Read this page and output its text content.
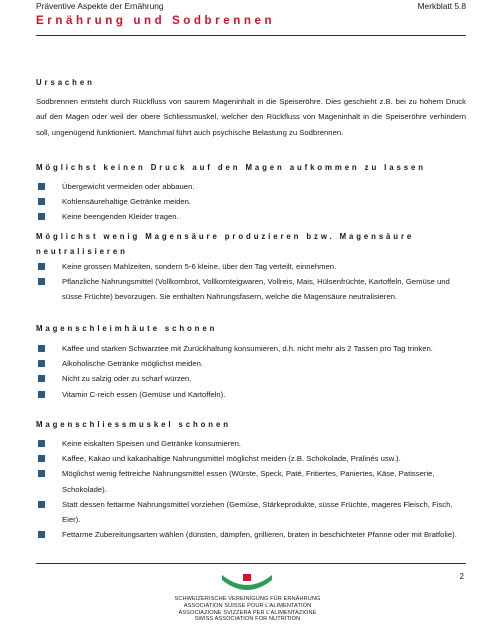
Präventive Aspekte der Ernährung	Merkblatt 5.8
Ernährung und Sodbrennen
Ursachen
Sodbrennen entsteht durch Rückfluss von saurem Mageninhalt in die Speiseröhre. Dies geschieht z.B. bei zu hohem Druck auf den Magen oder weil der obere Schliessmuskel, welcher den Rückfluss von Mageninhalt in die Speiseröhre verhindern soll, ungenügend funktioniert. Manchmal führt auch psychische Belastung zu Sodbrennen.
Möglichst keinen Druck auf den Magen aufkommen zu lassen
Übergewicht vermeiden oder abbauen.
Kohlensäurehaltige Getränke meiden.
Keine beengenden Kleider tragen.
Möglichst wenig Magensäure produzieren bzw. Magensäure neutralisieren
Keine grossen Mahlzeiten, sondern 5-6 kleine, über den Tag verteilt, einnehmen.
Pflanzliche Nahrungsmittel (Vollkornbrot, Vollkornteigwaren, Vollreis, Mais, Hülsenfrüchte, Kartoffeln, Gemüse und süsse Früchte) bevorzugen. Sie enthalten Nahrungsfasern, welche die Magensäure neutralisieren.
Magenschleimhäute schonen
Kaffee und starken Schwarztee mit Zurückhaltung konsumieren, d.h. nicht mehr als 2 Tassen pro Tag trinken.
Alkoholische Getränke möglichst meiden.
Nicht zu salzig oder zu scharf würzen.
Vitamin C-reich essen (Gemüse und Kartoffeln).
Magenschliessmuskel schonen
Keine eiskalten Speisen und Getränke konsumieren.
Kaffee, Kakao und kakaohaltige Nahrungsmittel möglichst meiden (z.B. Schokolade, Pralinés usw.).
Möglichst wenig fettreiche Nahrungsmittel essen (Würste, Speck, Paté, Fritiertes, Paniertes, Käse, Patisserie, Schokolade).
Statt dessen fettarme Nahrungsmittel vorziehen (Gemüse, Stärkeprodukte, süsse Früchte, mageres Fleisch, Fisch, Eier).
Fettarme Zubereitungsarten wählen (dünsten, dämpfen, grillieren, braten in beschichteter Pfanne oder mit Bratfolie).
2
SCHWEIZERISCHE VEREINIGUNG FÜR ERNÄHRUNG
ASSOCIATION SUISSE POUR L’ALIMENTATION
ASSOCIAZIONE SVIZZERA PER L’ALIMENTAZIONE
SWISS ASSOCIATION FOR NUTRITION
